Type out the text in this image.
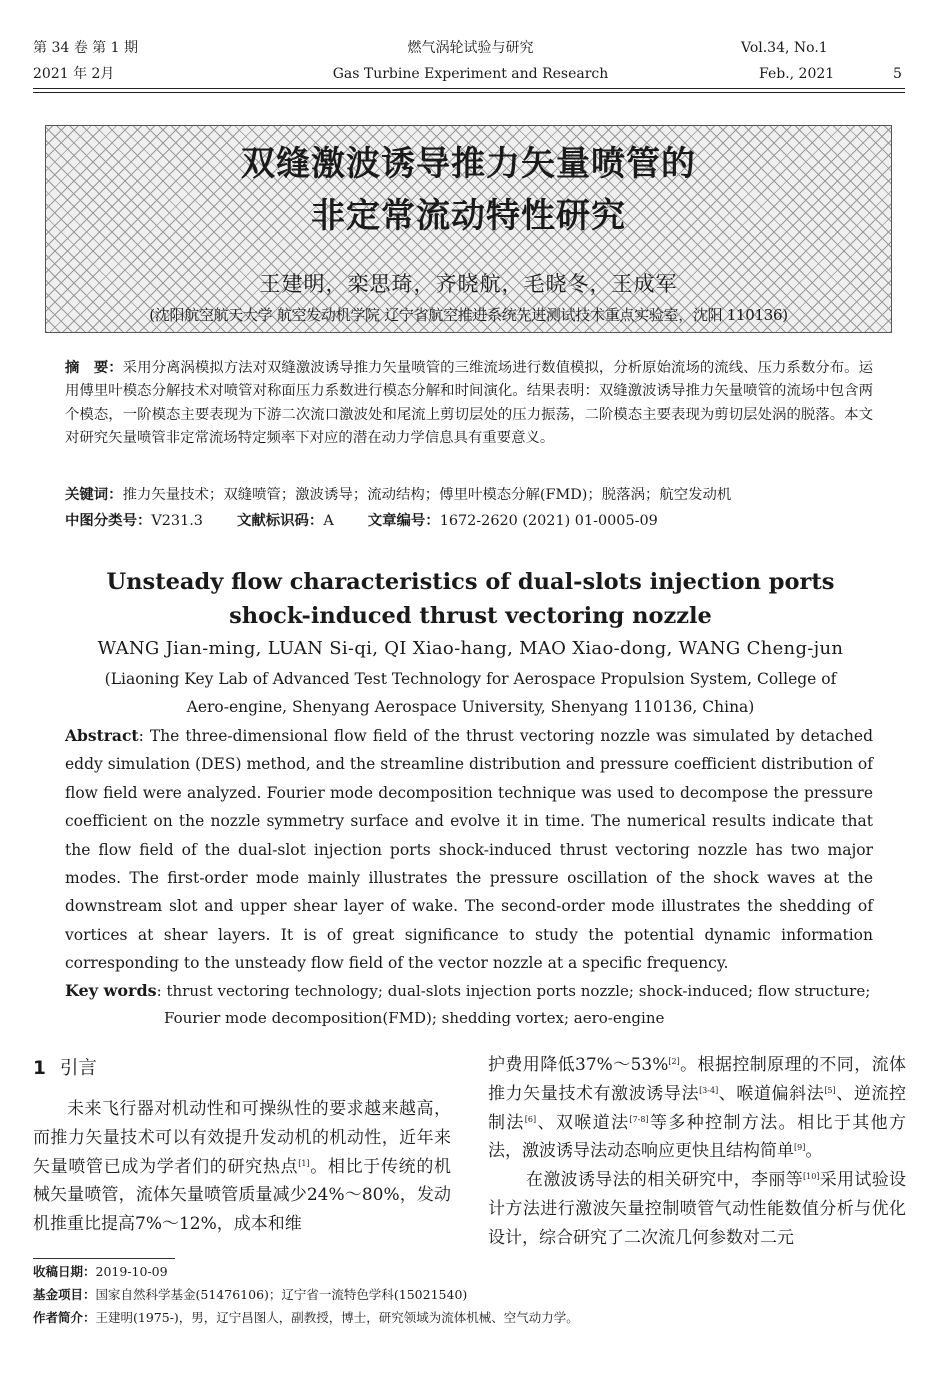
第 34 卷 第 1 期
2021 年 2月
燃气涡轮试验与研究
Gas Turbine Experiment and Research
Vol.34, No.1
Feb., 2021	5
双缝激波诱导推力矢量喷管的
非定常流动特性研究
王建明，栾思琦，齐晓航，毛晓冬，王成军
(沈阳航空航天大学 航空发动机学院 辽宁省航空推进系统先进测试技术重点实验室，沈阳 110136)
摘　要：采用分离涡模拟方法对双缝激波诱导推力矢量喷管的三维流场进行数值模拟，分析原始流场的流线、压力系数分布。运用傅里叶模态分解技术对喷管对称面压力系数进行模态分解和时间演化。结果表明：双缝激波诱导推力矢量喷管的流场中包含两个模态，一阶模态主要表现为下游二次流口激波处和尾流上剪切层处的压力振荡，二阶模态主要表现为剪切层处涡的脱落。本文对研究矢量喷管非定常流场特定频率下对应的潜在动力学信息具有重要意义。
关键词：推力矢量技术；双缝喷管；激波诱导；流动结构；傅里叶模态分解(FMD)；脱落涡；航空发动机
中图分类号：V231.3 文献标识码：A 文章编号：1672-2620 (2021) 01-0005-09
Unsteady flow characteristics of dual-slots injection ports
shock-induced thrust vectoring nozzle
WANG Jian-ming, LUAN Si-qi, QI Xiao-hang, MAO Xiao-dong, WANG Cheng-jun
(Liaoning Key Lab of Advanced Test Technology for Aerospace Propulsion System, College of
Aero-engine, Shenyang Aerospace University, Shenyang 110136, China)
Abstract: The three-dimensional flow field of the thrust vectoring nozzle was simulated by detached eddy simulation (DES) method, and the streamline distribution and pressure coefficient distribution of flow field were analyzed. Fourier mode decomposition technique was used to decompose the pressure coefficient on the nozzle symmetry surface and evolve it in time. The numerical results indicate that the flow field of the dual-slot injection ports shock-induced thrust vectoring nozzle has two major modes. The first-order mode mainly illustrates the pressure oscillation of the shock waves at the downstream slot and upper shear layer of wake. The second-order mode illustrates the shedding of vortices at shear layers. It is of great significance to study the potential dynamic information corresponding to the unsteady flow field of the vector nozzle at a specific frequency.
Key words: thrust vectoring technology; dual-slots injection ports nozzle; shock-induced; flow structure;
Fourier mode decomposition(FMD); shedding vortex; aero-engine
1 引言
未来飞行器对机动性和可操纵性的要求越来越高，而推力矢量技术可以有效提升发动机的机动性，近年来矢量喷管已成为学者们的研究热点[1]。相比于传统的机械矢量喷管，流体矢量喷管质量减少24%～80%，发动机推重比提高7%～12%，成本和维
护费用降低37%～53%[2]。根据控制原理的不同，流体推力矢量技术有激波诱导法[3-4]、喉道偏斜法[5]、逆流控制法[6]、双喉道法[7-8]等多种控制方法。相比于其他方法，激波诱导法动态响应更快且结构简单[9]。
在激波诱导法的相关研究中，李丽等[10]采用试验设计方法进行激波矢量控制喷管气动性能数值分析与优化设计，综合研究了二次流几何参数对二元
收稿日期：2019-10-09
基金项目：国家自然科学基金(51476106)；辽宁省一流特色学科(15021540)
作者简介：王建明(1975-)，男，辽宁昌图人，副教授，博士，研究领域为流体机械、空气动力学。
